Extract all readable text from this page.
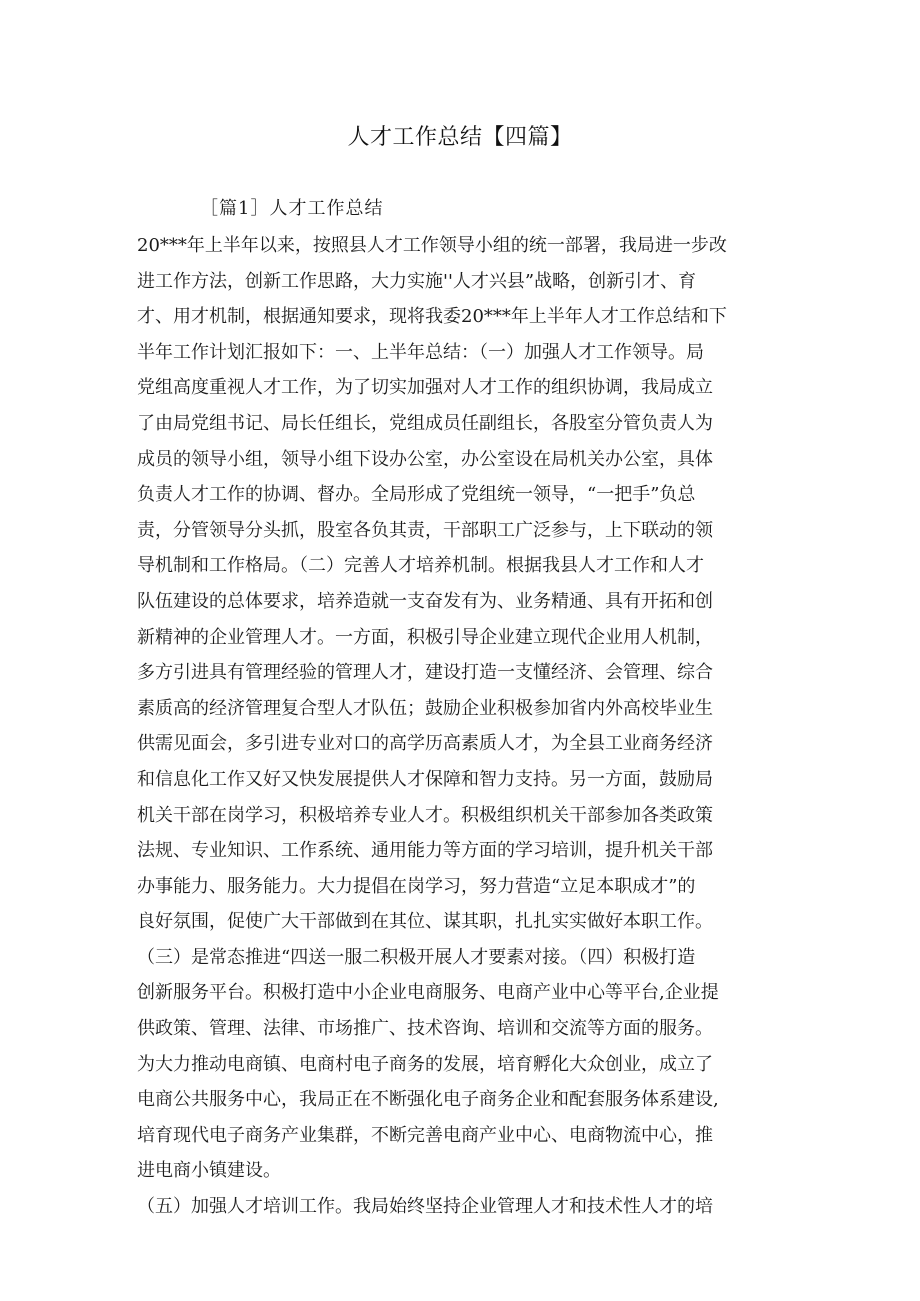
人才工作总结【四篇】
［篇1］人才工作总结
20***年上半年以来，按照县人才工作领导小组的统一部署，我局进一步改
进工作方法，创新工作思路，大力实施''人才兴县”战略，创新引才、育
才、用才机制，根据通知要求，现将我委20***年上半年人才工作总结和下
半年工作计划汇报如下：一、上半年总结：（一）加强人才工作领导。局
党组高度重视人才工作，为了切实加强对人才工作的组织协调，我局成立
了由局党组书记、局长任组长，党组成员任副组长，各股室分管负责人为
成员的领导小组，领导小组下设办公室，办公室设在局机关办公室，具体
负责人才工作的协调、督办。全局形成了党组统一领导，“一把手”负总
责，分管领导分头抓，股室各负其责，干部职工广泛参与，上下联动的领
导机制和工作格局。（二）完善人才培养机制。根据我县人才工作和人才
队伍建设的总体要求，培养造就一支奋发有为、业务精通、具有开拓和创
新精神的企业管理人才。一方面，积极引导企业建立现代企业用人机制，
多方引进具有管理经验的管理人才，建设打造一支懂经济、会管理、综合
素质高的经济管理复合型人才队伍；鼓励企业积极参加省内外高校毕业生
供需见面会，多引进专业对口的高学历高素质人才，为全县工业商务经济
和信息化工作又好又快发展提供人才保障和智力支持。另一方面，鼓励局
机关干部在岗学习，积极培养专业人才。积极组织机关干部参加各类政策
法规、专业知识、工作系统、通用能力等方面的学习培训，提升机关干部
办事能力、服务能力。大力提倡在岗学习，努力营造“立足本职成才”的
良好氛围，促使广大干部做到在其位、谋其职，扎扎实实做好本职工作。
（三）是常态推进“四送一服二积极开展人才要素对接。（四）积极打造
创新服务平台。积极打造中小企业电商服务、电商产业中心等平台,企业提
供政策、管理、法律、市场推广、技术咨询、培训和交流等方面的服务。
为大力推动电商镇、电商村电子商务的发展，培育孵化大众创业，成立了
电商公共服务中心，我局正在不断强化电子商务企业和配套服务体系建设,
培育现代电子商务产业集群，不断完善电商产业中心、电商物流中心，推
进电商小镇建设。
（五）加强人才培训工作。我局始终坚持企业管理人才和技术性人才的培
